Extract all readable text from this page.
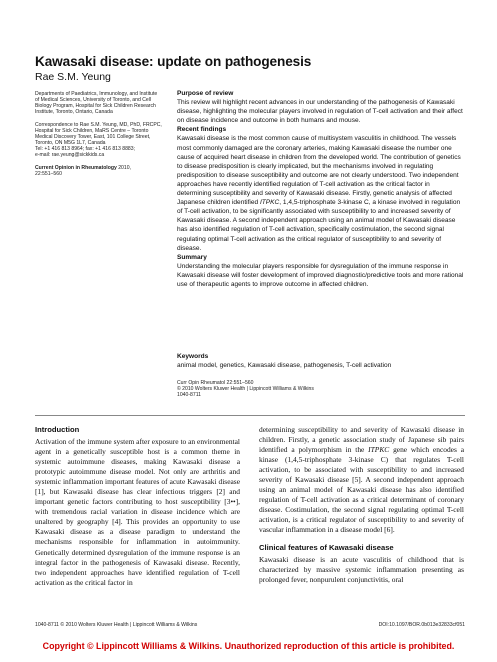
Kawasaki disease: update on pathogenesis
Rae S.M. Yeung

Departments of Paediatrics, Immunology, and Institute

of Medical Sciences, University of Toronto, and Cell

Biology Program, Hospital for Sick Children Research

Institute, Toronto, Ontario, Canada

Correspondence to Rae S.M. Yeung, MD, PhD, FRCPC,

Hospital for Sick Children, MaRS Centre – Toronto

Medical Discovery Tower, East, 101 College Street,

Toronto, ON M5G 1L7, Canada

Tel: +1 416 813 8964; fax: +1 416 813 8883;

e-mail: rae.yeung@sickkids.ca

Current Opinion in Rheumatology 2010,

22:551–560

Purpose of review

This review will highlight recent advances in our understanding of the pathogenesis of Kawasaki disease, highlighting the molecular players involved in regulation of T-cell activation and their affect on disease incidence and outcome in both humans and mouse.

Recent findings

Kawasaki disease is the most common cause of multisystem vasculitis in childhood. The vessels most commonly damaged are the coronary arteries, making Kawasaki disease the number one cause of acquired heart disease in children from the developed world. The contribution of genetics to disease predisposition is clearly implicated, but the mechanisms involved in regulating predisposition to disease susceptibility and outcome are not clearly understood. Two independent approaches have recently identified regulation of T-cell activation as the critical factor in determining susceptibility and severity of Kawasaki disease. Firstly, genetic analysis of affected Japanese children identified ITPKC, 1,4,5-triphosphate 3-kinase C, a kinase involved in regulation of T-cell activation, to be significantly associated with susceptibility to and increased severity of Kawasaki disease. A second independent approach using an animal model of Kawasaki disease has also identified regulation of T-cell activation, specifically costimulation, the second signal regulating optimal T-cell activation as the critical regulator of susceptibility to and severity of disease.

Summary

Understanding the molecular players responsible for dysregulation of the immune response in Kawasaki disease will foster development of improved diagnostic/predictive tools and more rational use of therapeutic agents to improve outcome in affected children.

Keywords
animal model, genetics, Kawasaki disease, pathogenesis, T-cell activation

Curr Opin Rheumatol 22:551–560

© 2010 Wolters Kluwer Health | Lippincott Williams & Wilkins

1040-8711

Introduction

Activation of the immune system after exposure to an environmental agent in a genetically susceptible host is a common theme in systemic autoimmune diseases, making Kawasaki disease a prototypic autoimmune disease model. Not only are arthritis and systemic inflammation important features of acute Kawasaki disease [1], but Kawasaki disease has clear infectious triggers [2] and important genetic factors contributing to host susceptibility [3••], with tremendous racial variation in disease incidence which are unaltered by geography [4]. This provides an opportunity to use Kawasaki disease as a disease paradigm to understand the mechanisms responsible for inflammation in autoimmunity. Genetically determined dysregulation of the immune response is an integral factor in the pathogenesis of Kawasaki disease. Recently, two independent approaches have identified regulation of T-cell activation as the critical factor in

determining susceptibility to and severity of Kawasaki disease in children. Firstly, a genetic association study of Japanese sib pairs identified a polymorphism in the ITPKC gene which encodes a kinase (1,4,5-triphosphate 3-kinase C) that regulates T-cell activation, to be associated with susceptibility to and increased severity of Kawasaki disease [5]. A second independent approach using an animal model of Kawasaki disease has also identified regulation of T-cell activation as a critical determinant of coronary disease. Costimulation, the second signal regulating optimal T-cell activation, is a critical regulator of susceptibility to and severity of vascular inflammation in a disease model [6].

Clinical features of Kawasaki disease

Kawasaki disease is an acute vasculitis of childhood that is characterized by massive systemic inflammation presenting as prolonged fever, nonpurulent conjunctivitis, oral

1040-8711 © 2010 Wolters Kluwer Health | Lippincott Williams & Wilkins	DOI:10.1097/BOR.0b013e32833cf051
Copyright © Lippincott Williams & Wilkins. Unauthorized reproduction of this article is prohibited.
